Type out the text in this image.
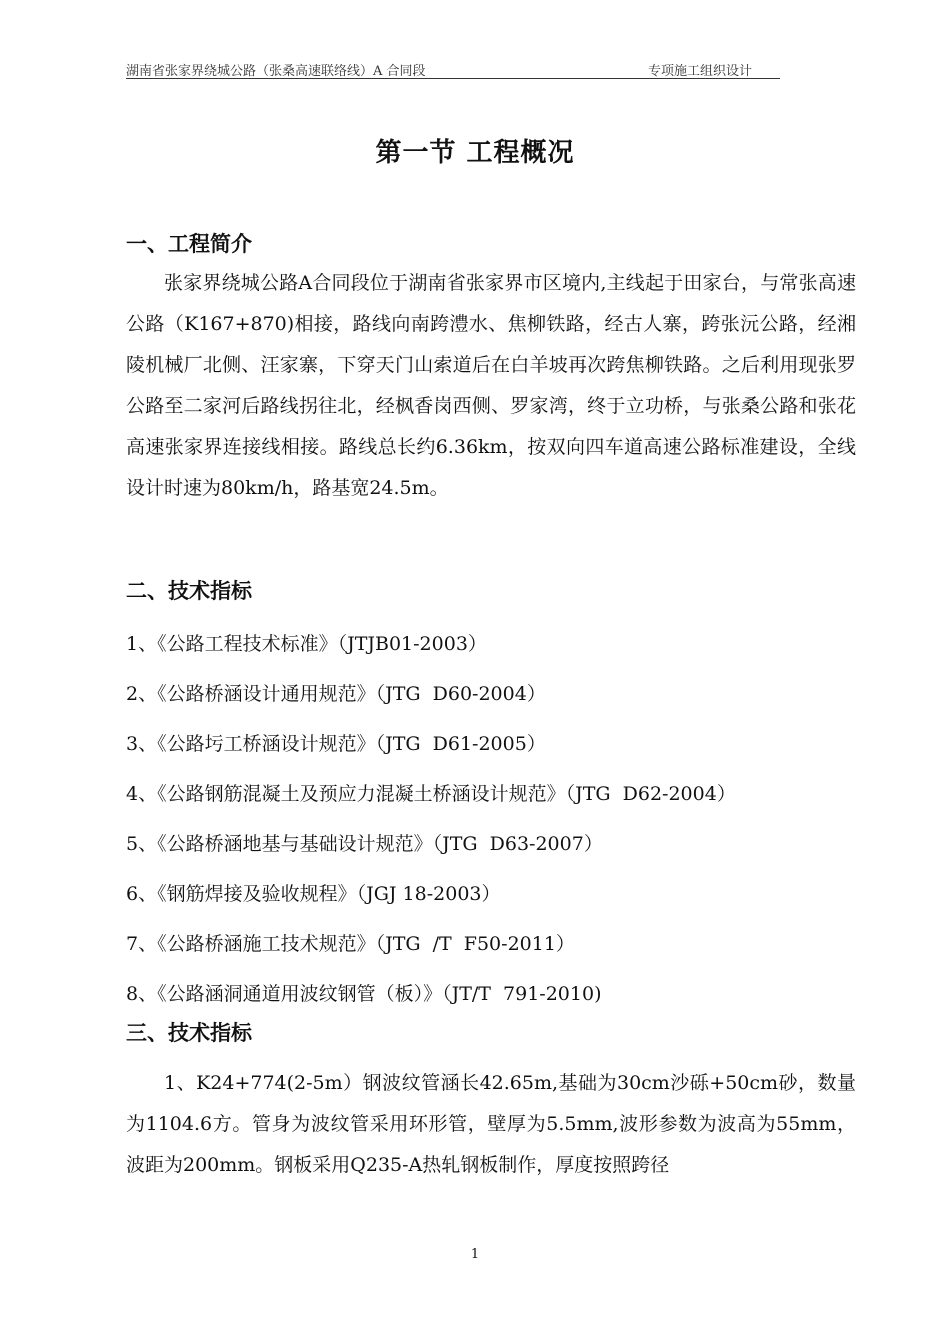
湖南省张家界绕城公路（张桑高速联络线）A 合同段	专项施工组织设计
第一节 工程概况
一、工程简介

张家界绕城公路A合同段位于湖南省张家界市区境内,主线起于田家台，与常张高速公路（K167+870)相接，路线向南跨澧水、焦柳铁路，经古人寨，跨张沅公路，经湘陵机械厂北侧、汪家寨，下穿天门山索道后在白羊坡再次跨焦柳铁路。之后利用现张罗公路至二家河后路线拐往北，经枫香岗西侧、罗家湾，终于立功桥，与张桑公路和张花高速张家界连接线相接。路线总长约6.36km，按双向四车道高速公路标准建设，全线设计时速为80km/h，路基宽24.5m。

二、技术指标
1、《公路工程技术标准》（JTJB01-2003）
2、《公路桥涵设计通用规范》（JTG  D60-2004）
3、《公路圬工桥涵设计规范》（JTG  D61-2005）
4、《公路钢筋混凝土及预应力混凝土桥涵设计规范》（JTG  D62-2004）
5、《公路桥涵地基与基础设计规范》（JTG  D63-2007）
6、《钢筋焊接及验收规程》（JGJ 18-2003）
7、《公路桥涵施工技术规范》（JTG  /T  F50-2011）
8、《公路涵洞通道用波纹钢管（板）》（JT/T  791-2010)
三、技术指标

1、K24+774(2-5m）钢波纹管涵长42.65m,基础为30cm沙砾+50cm砂，数量为1104.6方。管身为波纹管采用环形管，壁厚为5.5mm,波形参数为波高为55mm，波距为200mm。钢板采用Q235-A热轧钢板制作，厚度按照跨径

1
